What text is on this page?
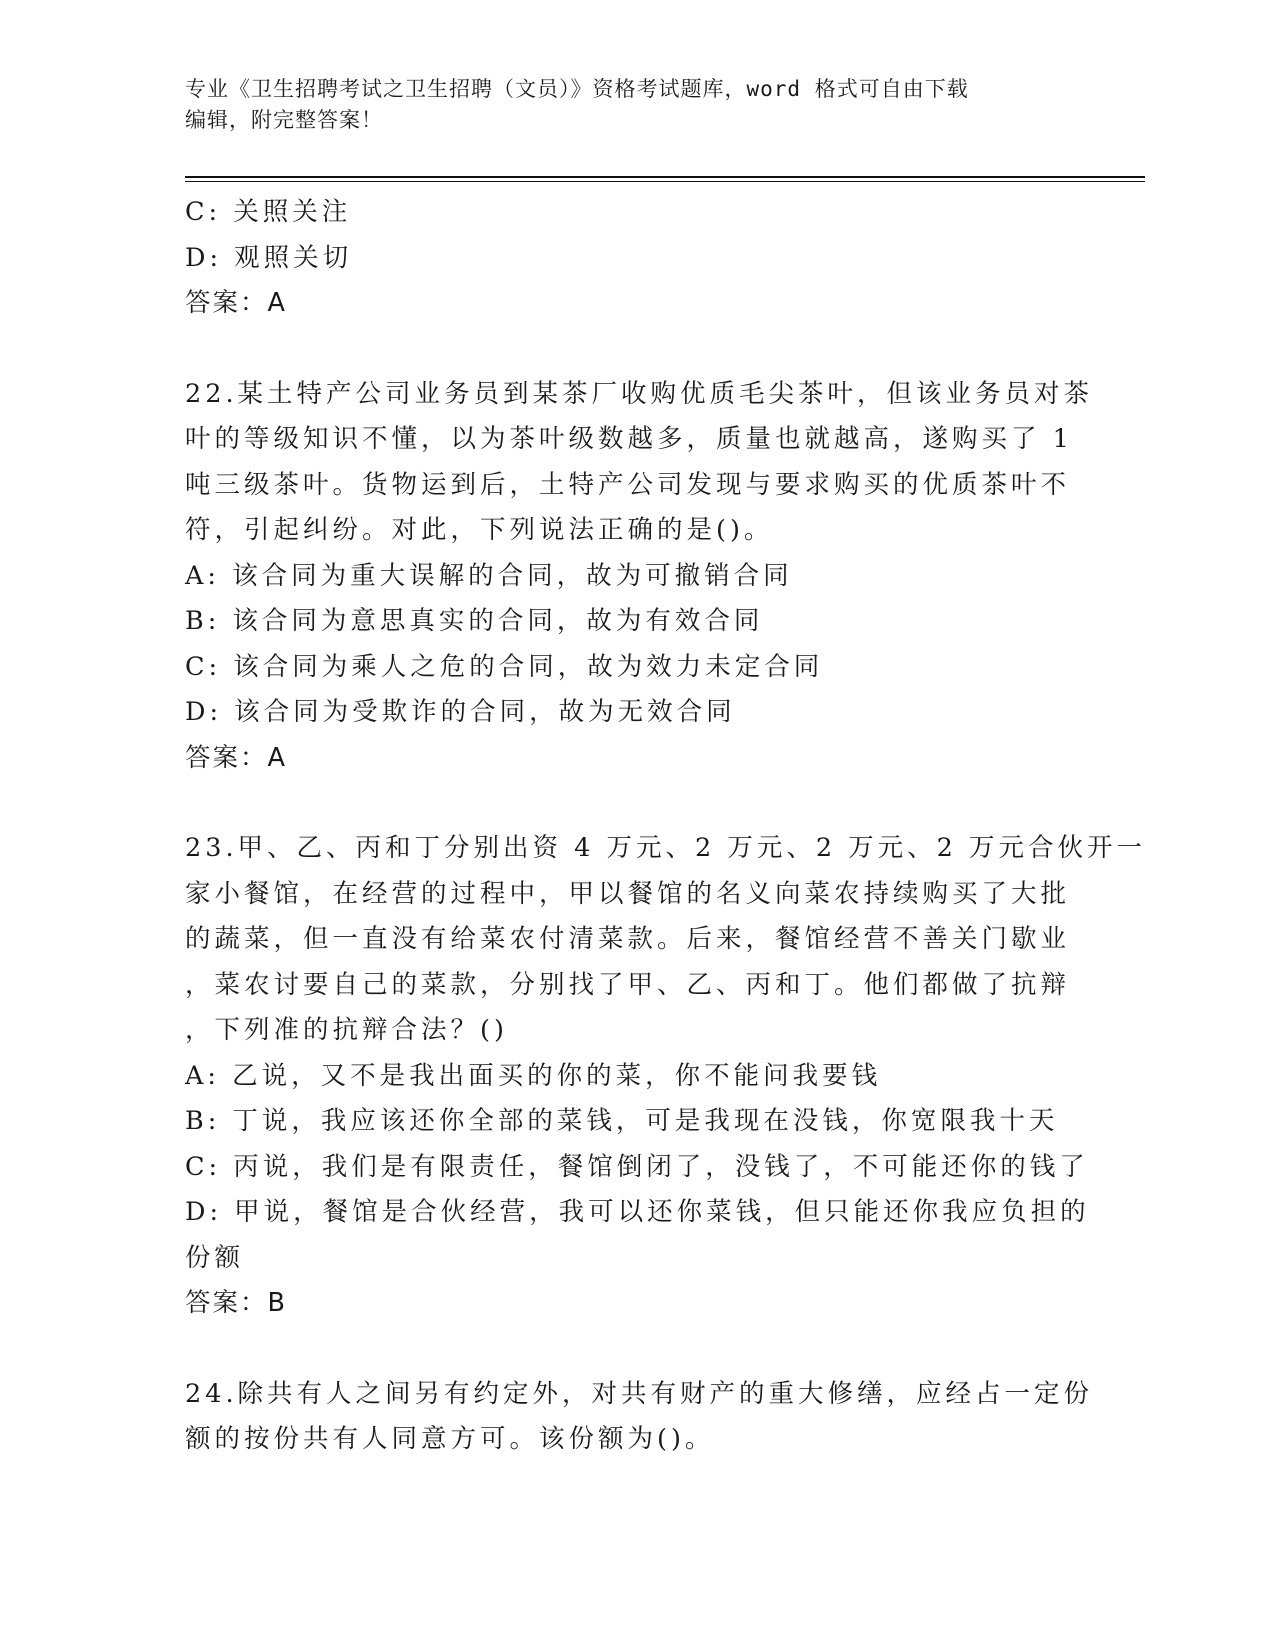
专业《卫生招聘考试之卫生招聘（文员）》资格考试题库，word 格式可自由下载
编辑，附完整答案！
C: 关照关注
D: 观照关切
答案：A
22.某土特产公司业务员到某茶厂收购优质毛尖茶叶，但该业务员对茶
叶的等级知识不懂，以为茶叶级数越多，质量也就越高，遂购买了 1
吨三级茶叶。货物运到后，土特产公司发现与要求购买的优质茶叶不
符，引起纠纷。对此，下列说法正确的是()。
A: 该合同为重大误解的合同，故为可撤销合同
B: 该合同为意思真实的合同，故为有效合同
C: 该合同为乘人之危的合同，故为效力未定合同
D: 该合同为受欺诈的合同，故为无效合同
答案：A
23.甲、乙、丙和丁分别出资 4 万元、2 万元、2 万元、2 万元合伙开一
家小餐馆，在经营的过程中，甲以餐馆的名义向菜农持续购买了大批
的蔬菜，但一直没有给菜农付清菜款。后来，餐馆经营不善关门歇业
，菜农讨要自己的菜款，分别找了甲、乙、丙和丁。他们都做了抗辩
，下列准的抗辩合法？()
A: 乙说，又不是我出面买的你的菜，你不能问我要钱
B: 丁说，我应该还你全部的菜钱，可是我现在没钱，你宽限我十天
C: 丙说，我们是有限责任，餐馆倒闭了，没钱了，不可能还你的钱了
D: 甲说，餐馆是合伙经营，我可以还你菜钱，但只能还你我应负担的
份额
答案：B
24.除共有人之间另有约定外，对共有财产的重大修缮，应经占一定份
额的按份共有人同意方可。该份额为()。
